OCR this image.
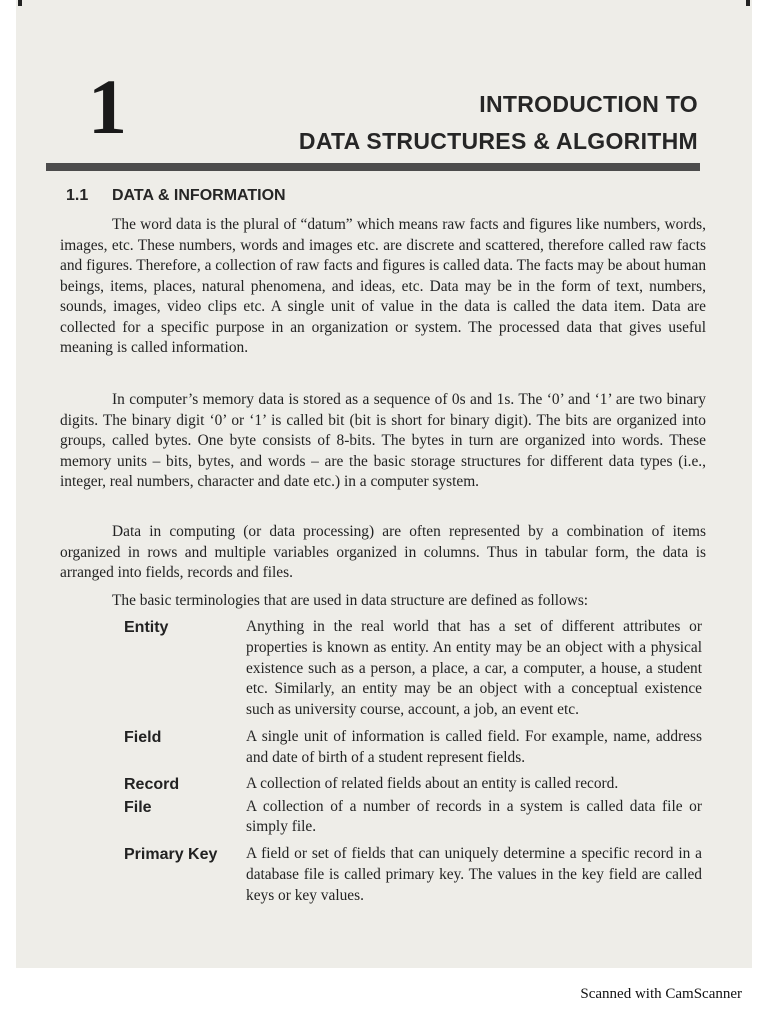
1	INTRODUCTION TO
DATA STRUCTURES & ALGORITHM
1.1 DATA & INFORMATION

The word data is the plural of “datum” which means raw facts and figures like numbers, words, images, etc. These numbers, words and images etc. are discrete and scattered, therefore called raw facts and figures. Therefore, a collection of raw facts and figures is called data. The facts may be about human beings, items, places, natural phenomena, and ideas, etc. Data may be in the form of text, numbers, sounds, images, video clips etc. A single unit of value in the data is called the data item. Data are collected for a specific purpose in an organization or system. The processed data that gives useful meaning is called information.

In computer’s memory data is stored as a sequence of 0s and 1s. The ‘0’ and ‘1’ are two binary digits. The binary digit ‘0’ or ‘1’ is called bit (bit is short for binary digit). The bits are organized into groups, called bytes. One byte consists of 8-bits. The bytes in turn are organized into words. These memory units – bits, bytes, and words – are the basic storage structures for different data types (i.e., integer, real numbers, character and date etc.) in a computer system.

Data in computing (or data processing) are often represented by a combination of items organized in rows and multiple variables organized in columns. Thus in tabular form, the data is arranged into fields, records and files.

The basic terminologies that are used in data structure are defined as follows:

Entity	Anything in the real world that has a set of different attributes or properties is known as entity. An entity may be an object with a physical existence such as a person, a place, a car, a computer, a house, a student etc. Similarly, an entity may be an object with a conceptual existence such as university course, account, a job, an event etc.
Field	A single unit of information is called field. For example, name, address and date of birth of a student represent fields.
Record	A collection of related fields about an entity is called record.
File	A collection of a number of records in a system is called data file or simply file.
Primary Key	A field or set of fields that can uniquely determine a specific record in a database file is called primary key. The values in the key field are called keys or key values.
Scanned with CamScanner
